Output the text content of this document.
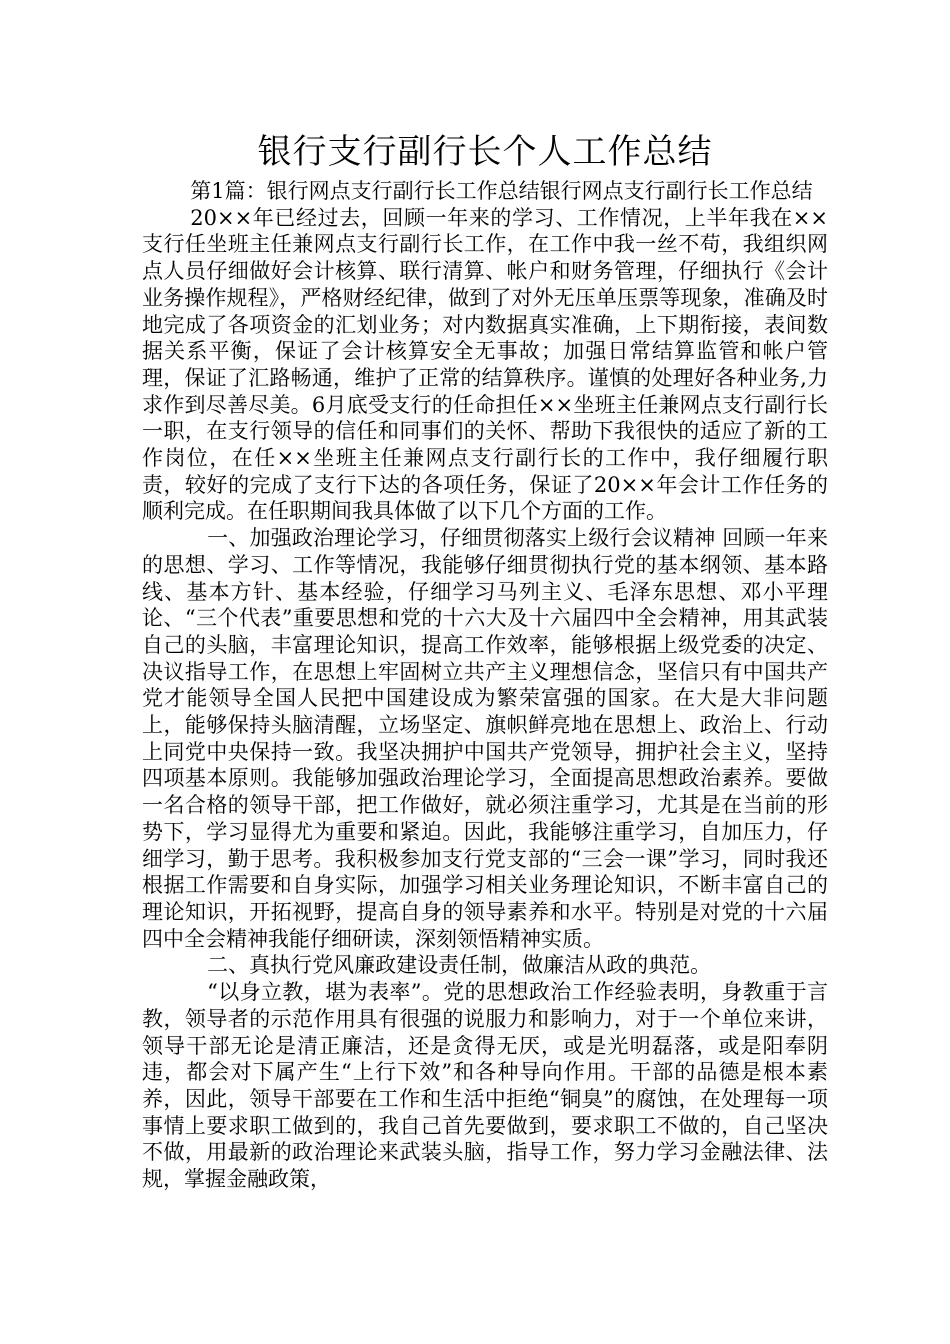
银行支行副行长个人工作总结

第1篇：银行网点支行副行长工作总结银行网点支行副行长工作总结

20××年已经过去，回顾一年来的学习、工作情况，上半年我在××支行任坐班主任兼网点支行副行长工作，在工作中我一丝不苟，我组织网点人员仔细做好会计核算、联行清算、帐户和财务管理，仔细执行《会计业务操作规程》，严格财经纪律，做到了对外无压单压票等现象，准确及时地完成了各项资金的汇划业务；对内数据真实准确，上下期衔接，表间数据关系平衡，保证了会计核算安全无事故；加强日常结算监管和帐户管理，保证了汇路畅通，维护了正常的结算秩序。谨慎的处理好各种业务,力求作到尽善尽美。6月底受支行的任命担任××坐班主任兼网点支行副行长一职，在支行领导的信任和同事们的关怀、帮助下我很快的适应了新的工作岗位，在任××坐班主任兼网点支行副行长的工作中，我仔细履行职责，较好的完成了支行下达的各项任务，保证了20××年会计工作任务的顺利完成。在任职期间我具体做了以下几个方面的工作。

一、加强政治理论学习，仔细贯彻落实上级行会议精神 回顾一年来的思想、学习、工作等情况，我能够仔细贯彻执行党的基本纲领、基本路线、基本方针、基本经验，仔细学习马列主义、毛泽东思想、邓小平理论、“三个代表”重要思想和党的十六大及十六届四中全会精神，用其武装自己的头脑，丰富理论知识，提高工作效率，能够根据上级党委的决定、决议指导工作，在思想上牢固树立共产主义理想信念，坚信只有中国共产党才能领导全国人民把中国建设成为繁荣富强的国家。在大是大非问题上，能够保持头脑清醒，立场坚定、旗帜鲜亮地在思想上、政治上、行动上同党中央保持一致。我坚决拥护中国共产党领导，拥护社会主义，坚持四项基本原则。我能够加强政治理论学习，全面提高思想政治素养。要做一名合格的领导干部，把工作做好，就必须注重学习，尤其是在当前的形势下，学习显得尤为重要和紧迫。因此，我能够注重学习，自加压力，仔细学习，勤于思考。我积极参加支行党支部的“三会一课”学习，同时我还根据工作需要和自身实际，加强学习相关业务理论知识，不断丰富自己的理论知识，开拓视野，提高自身的领导素养和水平。特别是对党的十六届四中全会精神我能仔细研读，深刻领悟精神实质。

二、真执行党风廉政建设责任制，做廉洁从政的典范。

“以身立教，堪为表率”。党的思想政治工作经验表明，身教重于言教，领导者的示范作用具有很强的说服力和影响力，对于一个单位来讲，领导干部无论是清正廉洁，还是贪得无厌，或是光明磊落，或是阳奉阴违，都会对下属产生“上行下效”和各种导向作用。干部的品德是根本素养，因此，领导干部要在工作和生活中拒绝“铜臭”的腐蚀，在处理每一项事情上要求职工做到的，我自己首先要做到，要求职工不做的，自己坚决不做，用最新的政治理论来武装头脑，指导工作，努力学习金融法律、法规，掌握金融政策，
